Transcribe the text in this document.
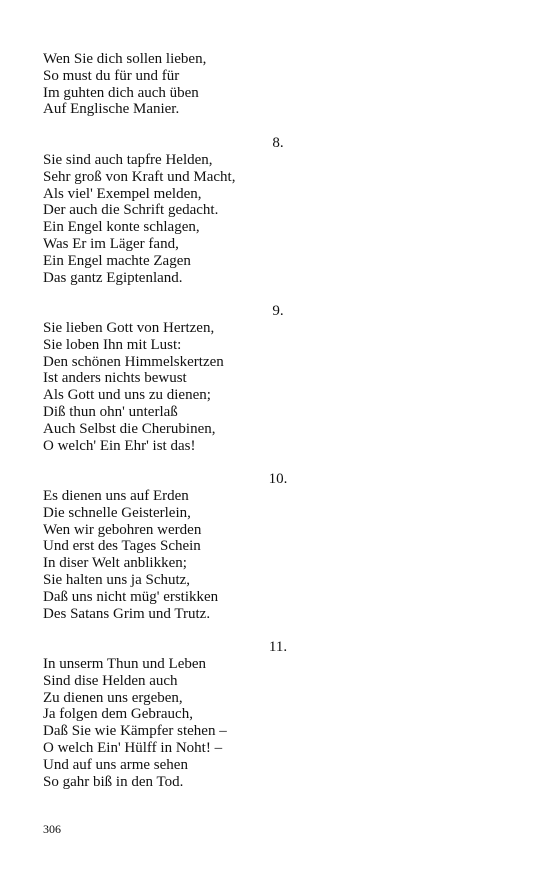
Wen Sie dich sollen lieben,
So must du für und für
Im guhten dich auch üben
Auf Englische Manier.
8.
Sie sind auch tapfre Helden,
Sehr groß von Kraft und Macht,
Als viel' Exempel melden,
Der auch die Schrift gedacht.
Ein Engel konte schlagen,
Was Er im Läger fand,
Ein Engel machte Zagen
Das gantz Egiptenland.
9.
Sie lieben Gott von Hertzen,
Sie loben Ihn mit Lust:
Den schönen Himmelskertzen
Ist anders nichts bewust
Als Gott und uns zu dienen;
Diß thun ohn' unterlaß
Auch Selbst die Cherubinen,
O welch' Ein Ehr' ist das!
10.
Es dienen uns auf Erden
Die schnelle Geisterlein,
Wen wir gebohren werden
Und erst des Tages Schein
In diser Welt anblikken;
Sie halten uns ja Schutz,
Daß uns nicht müg' erstikken
Des Satans Grim und Trutz.
11.
In unserm Thun und Leben
Sind dise Helden auch
Zu dienen uns ergeben,
Ja folgen dem Gebrauch,
Daß Sie wie Kämpfer stehen –
O welch Ein' Hülff in Noht! –
Und auf uns arme sehen
So gahr biß in den Tod.
306
